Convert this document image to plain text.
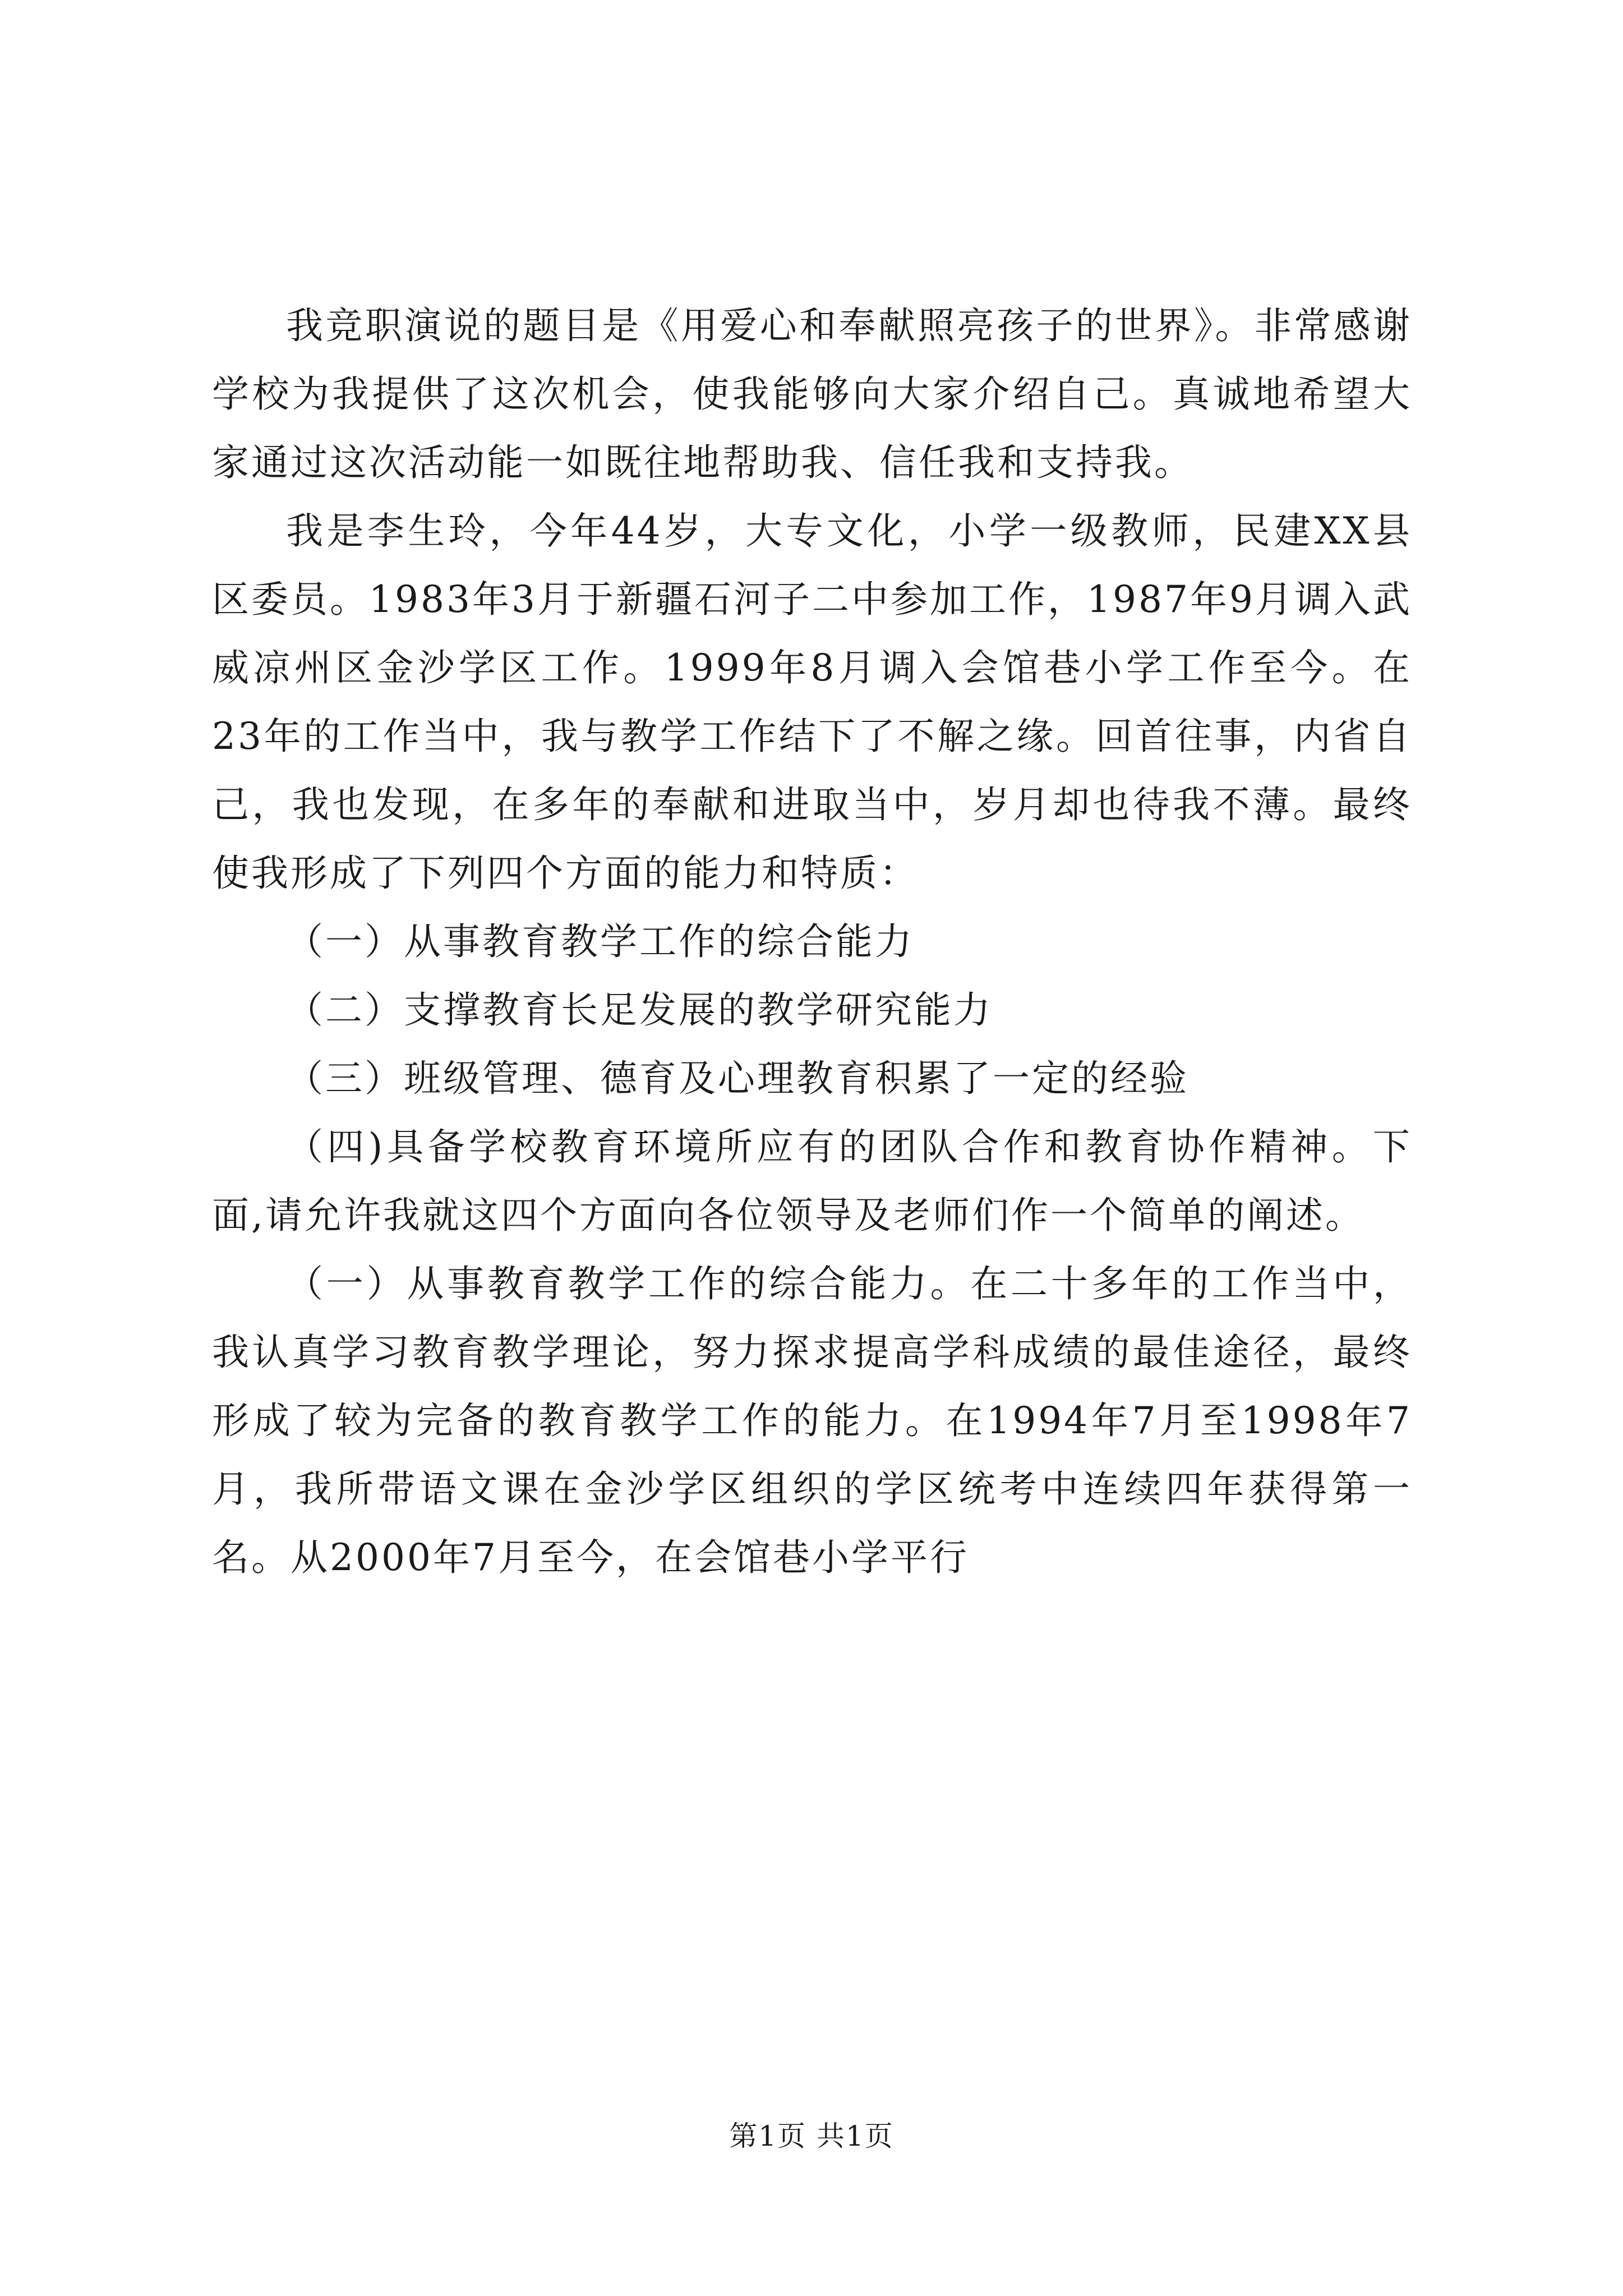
我竞职演说的题目是《用爱心和奉献照亮孩子的世界》。非常感谢学校为我提供了这次机会，使我能够向大家介绍自己。真诚地希望大家通过这次活动能一如既往地帮助我、信任我和支持我。

我是李生玲，今年44岁，大专文化，小学一级教师，民建XX县区委员。1983年3月于新疆石河子二中参加工作，1987年9月调入武威凉州区金沙学区工作。1999年8月调入会馆巷小学工作至今。在23年的工作当中，我与教学工作结下了不解之缘。回首往事，内省自己，我也发现，在多年的奉献和进取当中，岁月却也待我不薄。最终使我形成了下列四个方面的能力和特质：

（一）从事教育教学工作的综合能力

（二）支撑教育长足发展的教学研究能力

（三）班级管理、德育及心理教育积累了一定的经验

（四)具备学校教育环境所应有的团队合作和教育协作精神。下面,请允许我就这四个方面向各位领导及老师们作一个简单的阐述。

（一）从事教育教学工作的综合能力。在二十多年的工作当中，我认真学习教育教学理论，努力探求提高学科成绩的最佳途径，最终形成了较为完备的教育教学工作的能力。在1994年7月至1998年7月，我所带语文课在金沙学区组织的学区统考中连续四年获得第一名。从2000年7月至今，在会馆巷小学平行

第1页 共1页
